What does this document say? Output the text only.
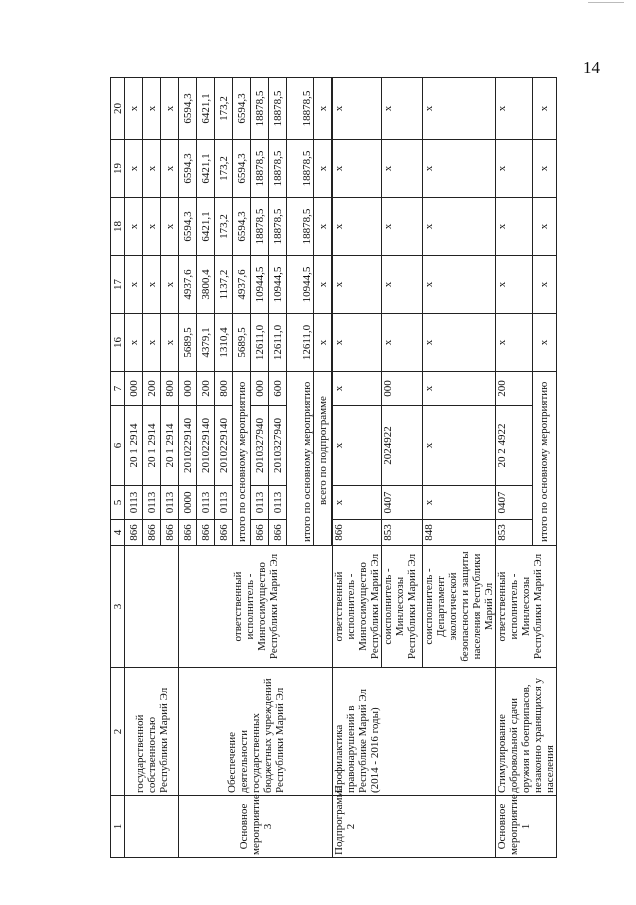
14
1	2	3	4	5	6	7	16	17	18	19	20
	государственной собственностью Республики Марий Эл		866	0113	20 1 2914	000	x	x	x	x	x
			866	0113	20 1 2914	200	x	x	x	x	x
			866	0113	20 1 2914	800	x	x	x	x	x
Основное мероприятие 3	Обеспечение деятельности государственных бюджетных учреждений Республики Марий Эл	ответственный исполнитель - Мингосимущество Республики Марий Эл	866	0000	2010229140	000	5689,5	4937,6	6594,3	6594,3	6594,3
			866	0113	2010229140	200	4379,1	3800,4	6421,1	6421,1	6421,1
			866	0113	2010229140	800	1310,4	1137,2	173,2	173,2	173,2
			итого по основному мероприятию				5689,5	4937,6	6594,3	6594,3	6594,3
			866	0113	2010327940	000	12611,0	10944,5	18878,5	18878,5	18878,5
			866	0113	2010327940	600	12611,0	10944,5	18878,5	18878,5	18878,5
			итого по основному мероприятию				12611,0	10944,5	18878,5	18878,5	18878,5
			всего по подпрограмме				x	x	x	x	x

Подпрограмма 2	Профилактика правонарушений в Республике Марий Эл (2014 - 2016 годы)	ответственный исполнитель - Мингосимущество Республики Марий Эл	866	x	x	x	x	x	x	x	x
		соисполнитель - Минлесхозы Республики Марий Эл	853	0407	2024922	000	x	x	x	x	x
		соисполнитель - Департамент экологической безопасности и защиты населения Республики Марий Эл	848	x	x	x	x	x	x	x	x
Основное мероприятие 1	Стимулирование добровольной сдачи оружия и боеприпасов, незаконно хранящихся у населения	ответственный исполнитель - Минлесхозы Республики Марий Эл	853	0407	20 2 4922	200	x	x	x	x	x
			итого по основному мероприятию				x	x	x	x	x
